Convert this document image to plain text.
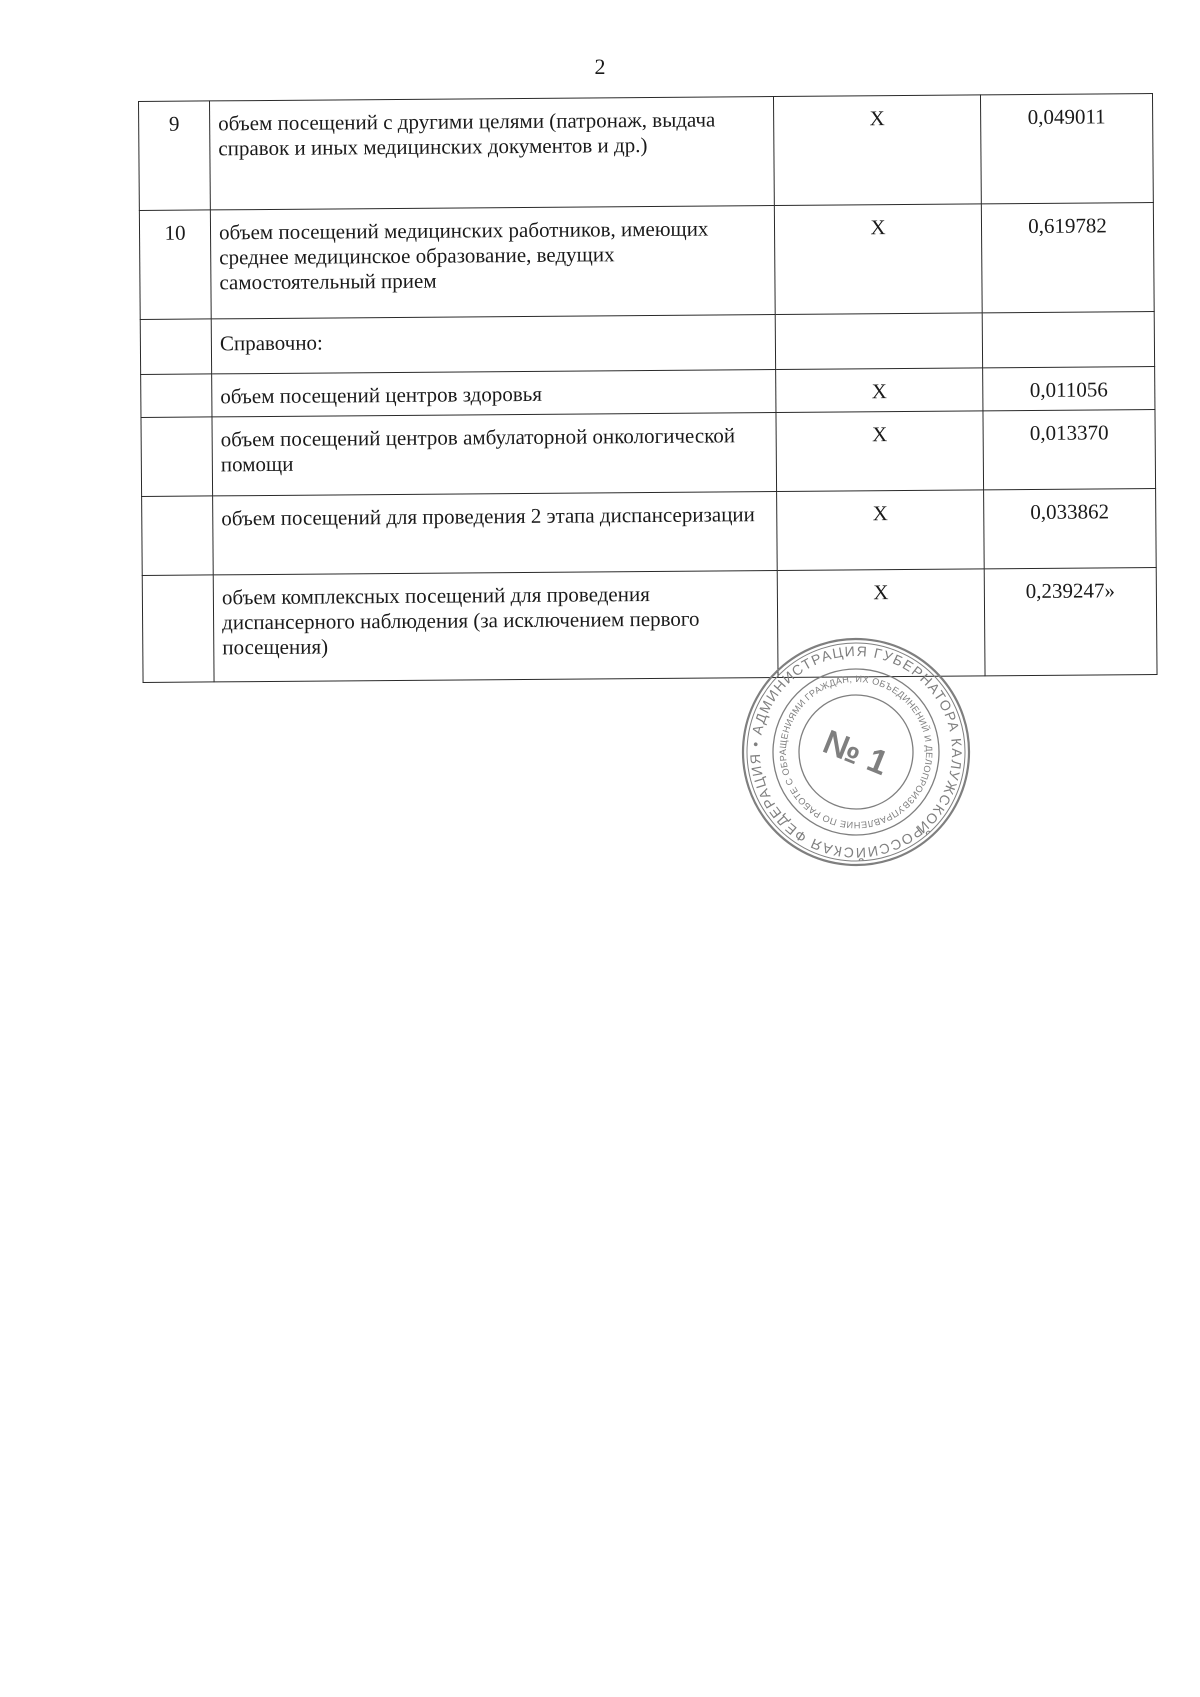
2
9	объем посещений с другими целями (патронаж, выдача справок и иных медицинских документов и др.)	X	0,049011
10	объем посещений медицинских работников, имеющих среднее медицинское образование, ведущих самостоятельный прием	X	0,619782
	Справочно:		
	объем посещений центров здоровья	X	0,011056
	объем посещений центров амбулаторной онкологической помощи	X	0,013370
	объем посещений для проведения 2 этапа диспансеризации	X	0,033862
	объем комплексных посещений для проведения диспансерного наблюдения (за исключением первого посещения)	X	0,239247»
РОССИЙСКАЯ ФЕДЕРАЦИЯ • АДМИНИСТРАЦИЯ ГУБЕРНАТОРА КАЛУЖСКОЙ
УПРАВЛЕНИЕ ПО РАБОТЕ С ОБРАЩЕНИЯМИ ГРАЖДАН, ИХ ОБЪЕДИНЕНИЙ И ДЕЛОПРОИЗВОДСТВУ
№ 1
